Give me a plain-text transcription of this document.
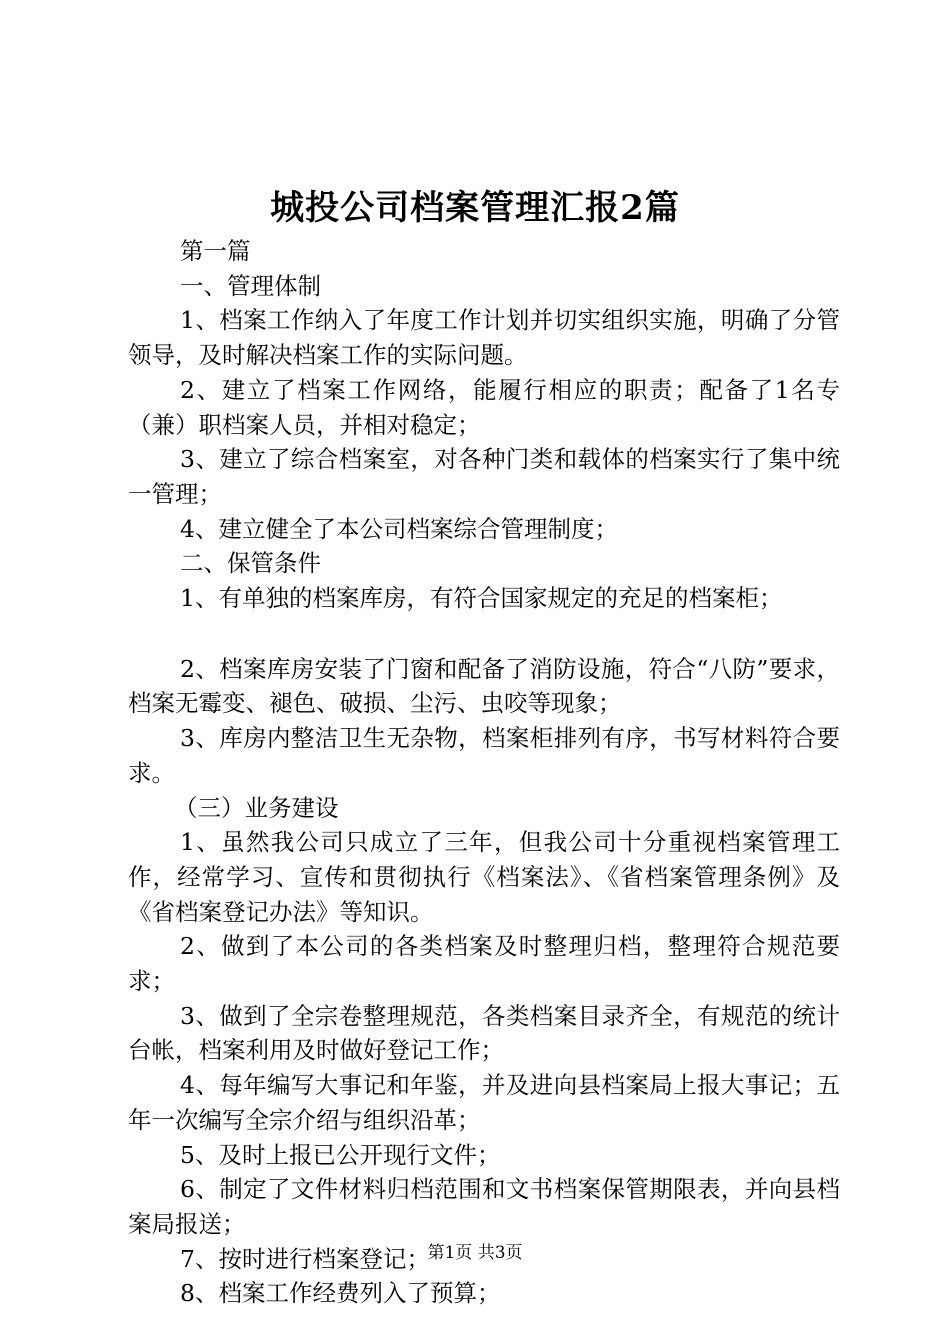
城投公司档案管理汇报2篇

第一篇

一、管理体制

1、档案工作纳入了年度工作计划并切实组织实施，明确了分管领导，及时解决档案工作的实际问题。

2、建立了档案工作网络，能履行相应的职责；配备了1名专（兼）职档案人员，并相对稳定；

3、建立了综合档案室，对各种门类和载体的档案实行了集中统一管理；

4、建立健全了本公司档案综合管理制度；

二、保管条件

1、有单独的档案库房，有符合国家规定的充足的档案柜；

2、档案库房安装了门窗和配备了消防设施，符合“八防”要求，档案无霉变、褪色、破损、尘污、虫咬等现象；

3、库房内整洁卫生无杂物，档案柜排列有序，书写材料符合要求。

（三）业务建设

1、虽然我公司只成立了三年，但我公司十分重视档案管理工作，经常学习、宣传和贯彻执行《档案法》、《省档案管理条例》及《省档案登记办法》等知识。

2、做到了本公司的各类档案及时整理归档，整理符合规范要求；

3、做到了全宗卷整理规范，各类档案目录齐全，有规范的统计台帐，档案利用及时做好登记工作；

4、每年编写大事记和年鉴，并及进向县档案局上报大事记；五年一次编写全宗介绍与组织沿革；

5、及时上报已公开现行文件；

6、制定了文件材料归档范围和文书档案保管期限表，并向县档案局报送；

7、按时进行档案登记；

8、档案工作经费列入了预算；

第1页 共3页
